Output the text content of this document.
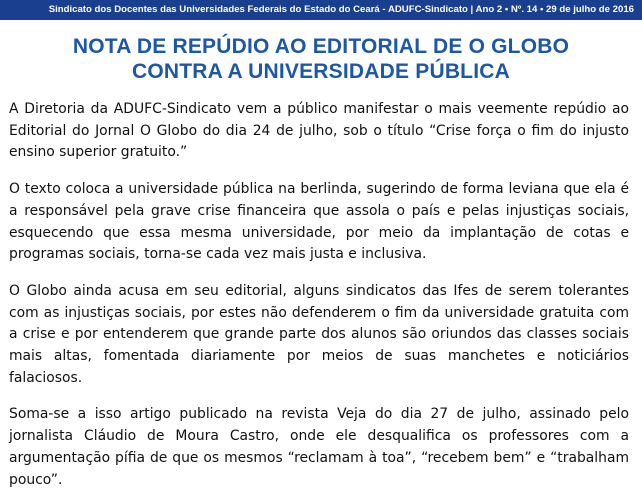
Sindicato dos Docentes das Universidades Federais do Estado do Ceará - ADUFC-Sindicato | Ano 2 • Nº. 14 • 29 de julho de 2016
NOTA DE REPÚDIO AO EDITORIAL DE O GLOBO
CONTRA A UNIVERSIDADE PÚBLICA

A Diretoria da ADUFC-Sindicato vem a público manifestar o mais veemente repúdio ao Editorial do Jornal O Globo do dia 24 de julho, sob o título “Crise força o fim do injusto ensino superior gratuito.”

O texto coloca a universidade pública na berlinda, sugerindo de forma leviana que ela é a responsável pela grave crise financeira que assola o país e pelas injustiças sociais, esquecendo que essa mesma universidade, por meio da implantação de cotas e programas sociais, torna-se cada vez mais justa e inclusiva.

O Globo ainda acusa em seu editorial, alguns sindicatos das Ifes de serem tolerantes com as injustiças sociais, por estes não defenderem o fim da universidade gratuita com a crise e por entenderem que grande parte dos alunos são oriundos das classes sociais mais altas, fomentada diariamente por meios de suas manchetes e noticiários falaciosos.

Soma-se a isso artigo publicado na revista Veja do dia 27 de julho, assinado pelo jornalista Cláudio de Moura Castro, onde ele desqualifica os professores com a argumentação pífia de que os mesmos “reclamam à toa”, “recebem bem” e “trabalham pouco”.
